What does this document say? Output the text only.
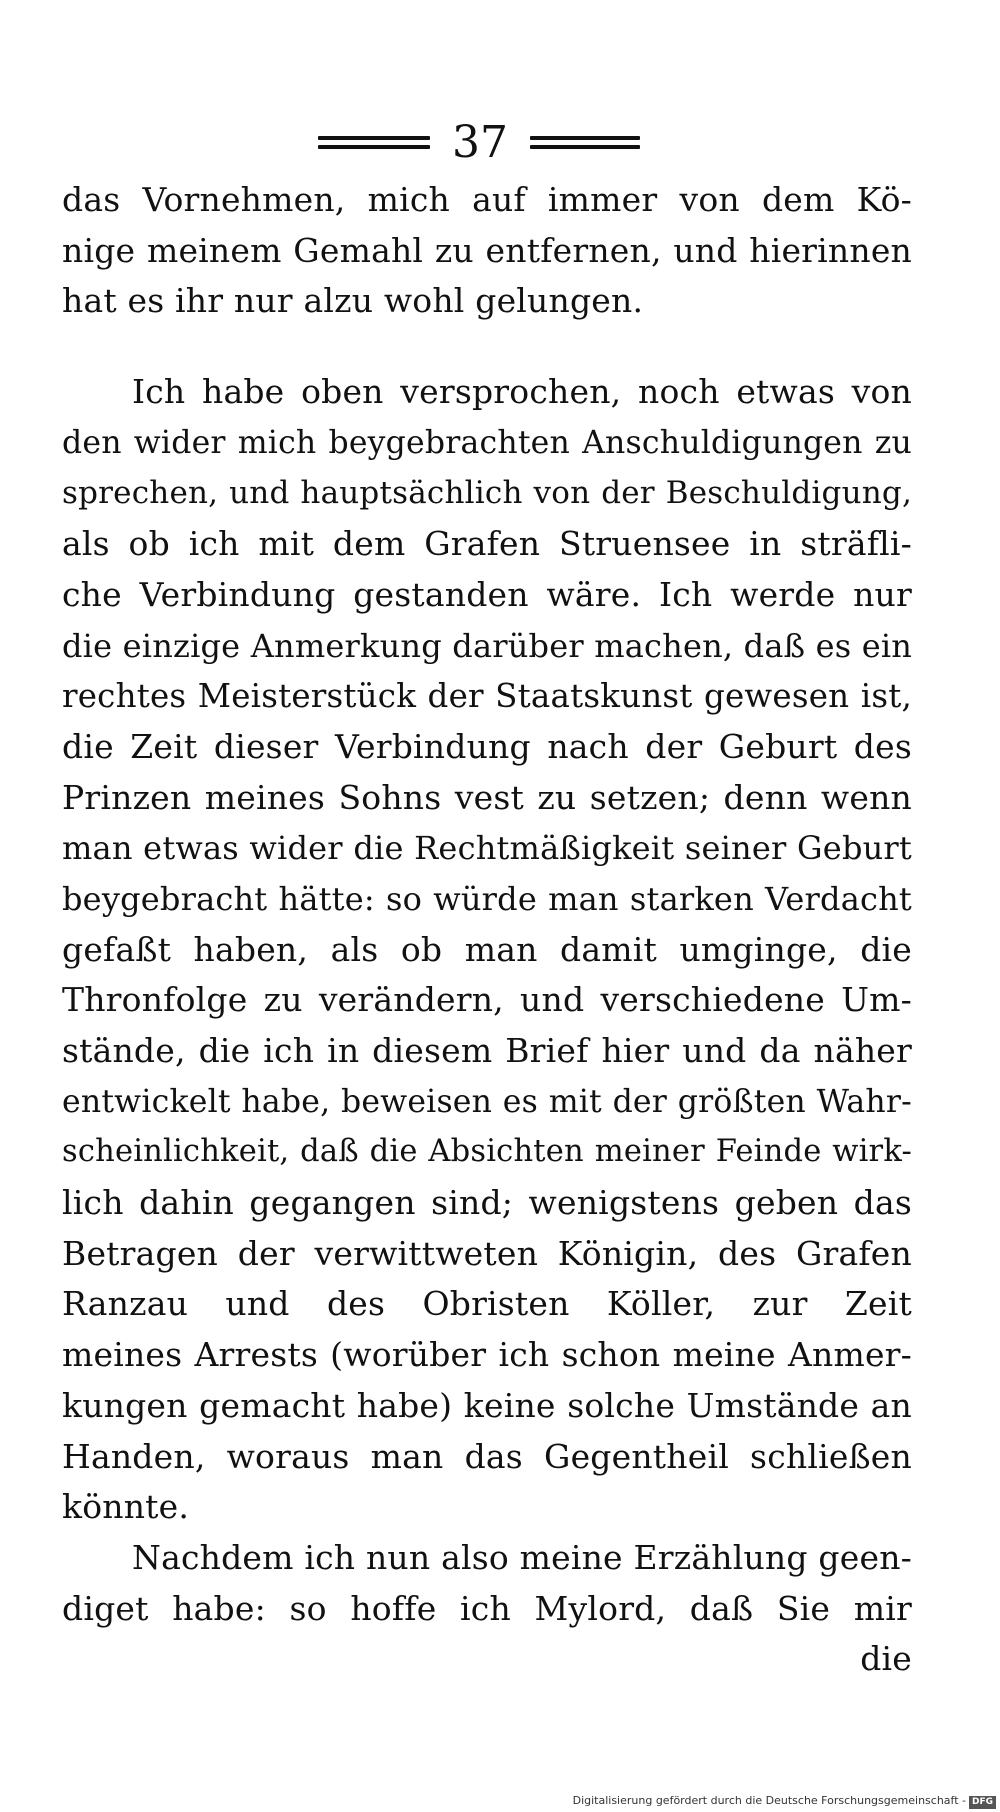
37
das Vornehmen, mich auf immer von dem Kö-
nige meinem Gemahl zu entfernen, und hierinnen
hat es ihr nur alzu wohl gelungen.
Ich habe oben versprochen, noch etwas von
den wider mich beygebrachten Anschuldigungen zu
sprechen, und hauptsächlich von der Beschuldigung,
als ob ich mit dem Grafen Struensee in sträfli-
che Verbindung gestanden wäre. Ich werde nur
die einzige Anmerkung darüber machen, daß es ein
rechtes Meisterstück der Staatskunst gewesen ist,
die Zeit dieser Verbindung nach der Geburt des
Prinzen meines Sohns vest zu setzen; denn wenn
man etwas wider die Rechtmäßigkeit seiner Geburt
beygebracht hätte: so würde man starken Verdacht
gefaßt haben, als ob man damit umginge, die
Thronfolge zu verändern, und verschiedene Um-
stände, die ich in diesem Brief hier und da näher
entwickelt habe, beweisen es mit der größten Wahr-
scheinlichkeit, daß die Absichten meiner Feinde wirk-
lich dahin gegangen sind; wenigstens geben das
Betragen der verwittweten Königin, des Grafen
Ranzau und des Obristen Köller, zur Zeit
meines Arrests (worüber ich schon meine Anmer-
kungen gemacht habe) keine solche Umstände an
Handen, woraus man das Gegentheil schließen
könnte.
Nachdem ich nun also meine Erzählung geen-
diget habe: so hoffe ich Mylord, daß Sie mir
die
Digitalisierung gefördert durch die Deutsche Forschungsgemeinschaft - DFG
